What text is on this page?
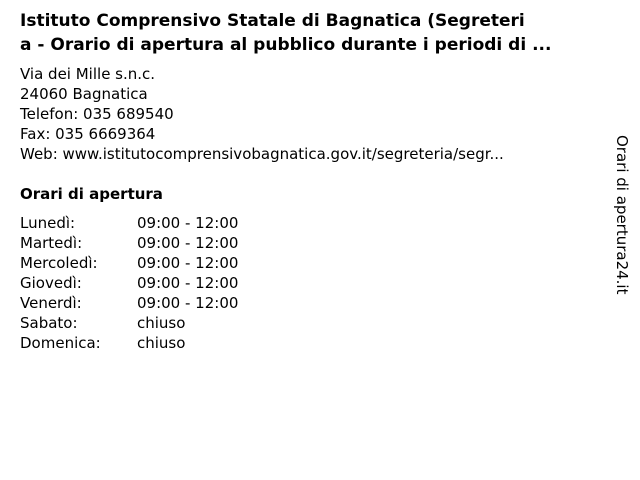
Istituto Comprensivo Statale di Bagnatica (Segreteri
a - Orario di apertura al pubblico durante i periodi di ...
Via dei Mille s.n.c.
24060 Bagnatica
Telefon: 035 689540
Fax: 035 6669364
Web: www.istitutocomprensivobagnatica.gov.it/segreteria/segr...
Orari di apertura
Lunedì:	09:00 - 12:00
Martedì:	09:00 - 12:00
Mercoledì:	09:00 - 12:00
Giovedì:	09:00 - 12:00
Venerdì:	09:00 - 12:00
Sabato:	chiuso
Domenica:	chiuso
Orari di apertura24.it
